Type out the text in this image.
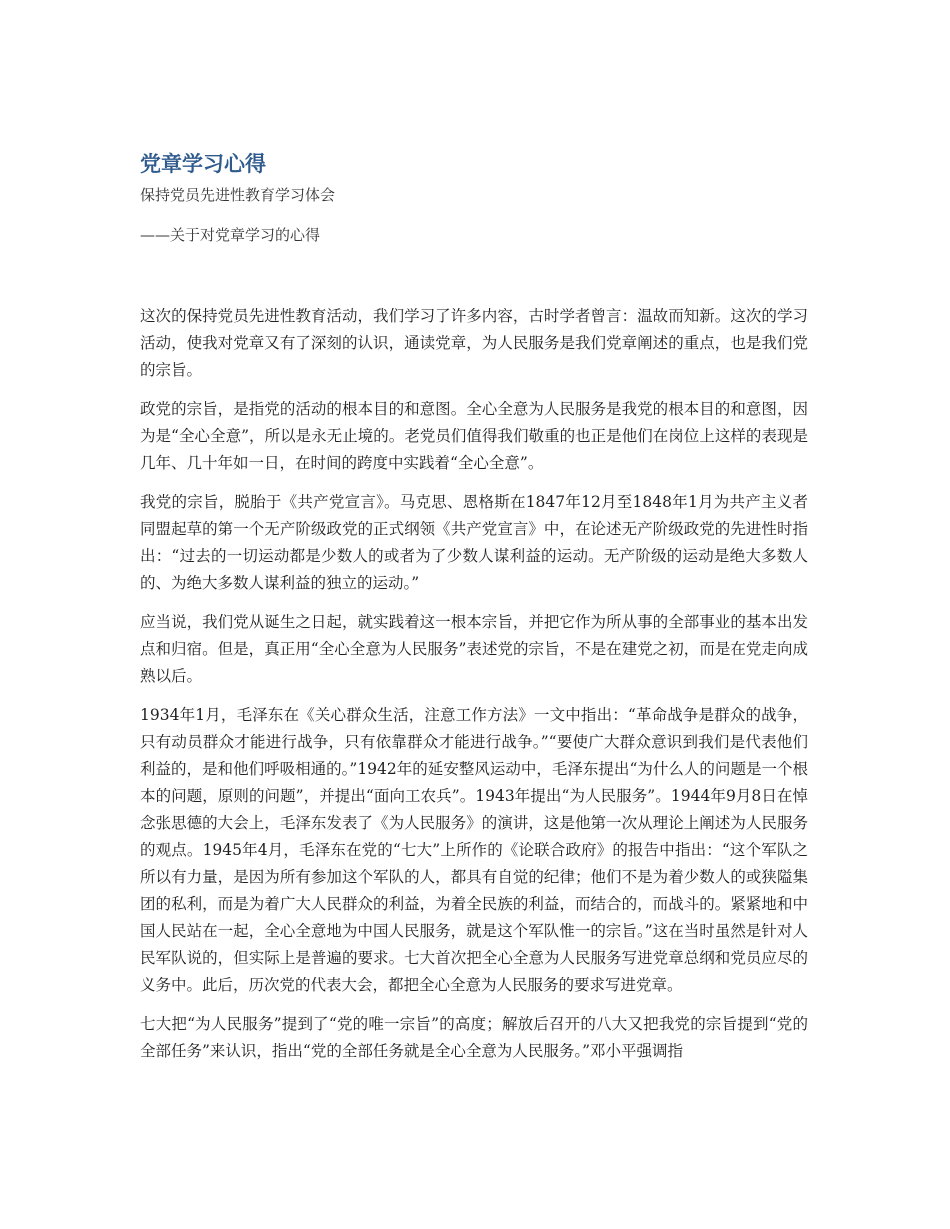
党章学习心得
保持党员先进性教育学习体会
——关于对党章学习的心得

这次的保持党员先进性教育活动，我们学习了许多内容，古时学者曾言：温故而知新。这次的学习活动，使我对党章又有了深刻的认识，通读党章，为人民服务是我们党章阐述的重点，也是我们党的宗旨。

政党的宗旨，是指党的活动的根本目的和意图。全心全意为人民服务是我党的根本目的和意图，因为是“全心全意”，所以是永无止境的。老党员们值得我们敬重的也正是他们在岗位上这样的表现是几年、几十年如一日，在时间的跨度中实践着“全心全意”。

我党的宗旨，脱胎于《共产党宣言》。马克思、恩格斯在1847年12月至1848年1月为共产主义者同盟起草的第一个无产阶级政党的正式纲领《共产党宣言》中，在论述无产阶级政党的先进性时指出：“过去的一切运动都是少数人的或者为了少数人谋利益的运动。无产阶级的运动是绝大多数人的、为绝大多数人谋利益的独立的运动。”

应当说，我们党从诞生之日起，就实践着这一根本宗旨，并把它作为所从事的全部事业的基本出发点和归宿。但是，真正用“全心全意为人民服务”表述党的宗旨，不是在建党之初，而是在党走向成熟以后。

1934年1月，毛泽东在《关心群众生活，注意工作方法》一文中指出：“革命战争是群众的战争，只有动员群众才能进行战争，只有依靠群众才能进行战争。”“要使广大群众意识到我们是代表他们利益的，是和他们呼吸相通的。”1942年的延安整风运动中，毛泽东提出“为什么人的问题是一个根本的问题，原则的问题”，并提出“面向工农兵”。1943年提出“为人民服务”。1944年9月8日在悼念张思德的大会上，毛泽东发表了《为人民服务》的演讲，这是他第一次从理论上阐述为人民服务的观点。1945年4月，毛泽东在党的“七大”上所作的《论联合政府》的报告中指出：“这个军队之所以有力量，是因为所有参加这个军队的人，都具有自觉的纪律；他们不是为着少数人的或狭隘集团的私利，而是为着广大人民群众的利益，为着全民族的利益，而结合的，而战斗的。紧紧地和中国人民站在一起，全心全意地为中国人民服务，就是这个军队惟一的宗旨。”这在当时虽然是针对人民军队说的，但实际上是普遍的要求。七大首次把全心全意为人民服务写进党章总纲和党员应尽的义务中。此后，历次党的代表大会，都把全心全意为人民服务的要求写进党章。

七大把“为人民服务”提到了“党的唯一宗旨”的高度；解放后召开的八大又把我党的宗旨提到“党的全部任务”来认识，指出“党的全部任务就是全心全意为人民服务。”邓小平强调指
